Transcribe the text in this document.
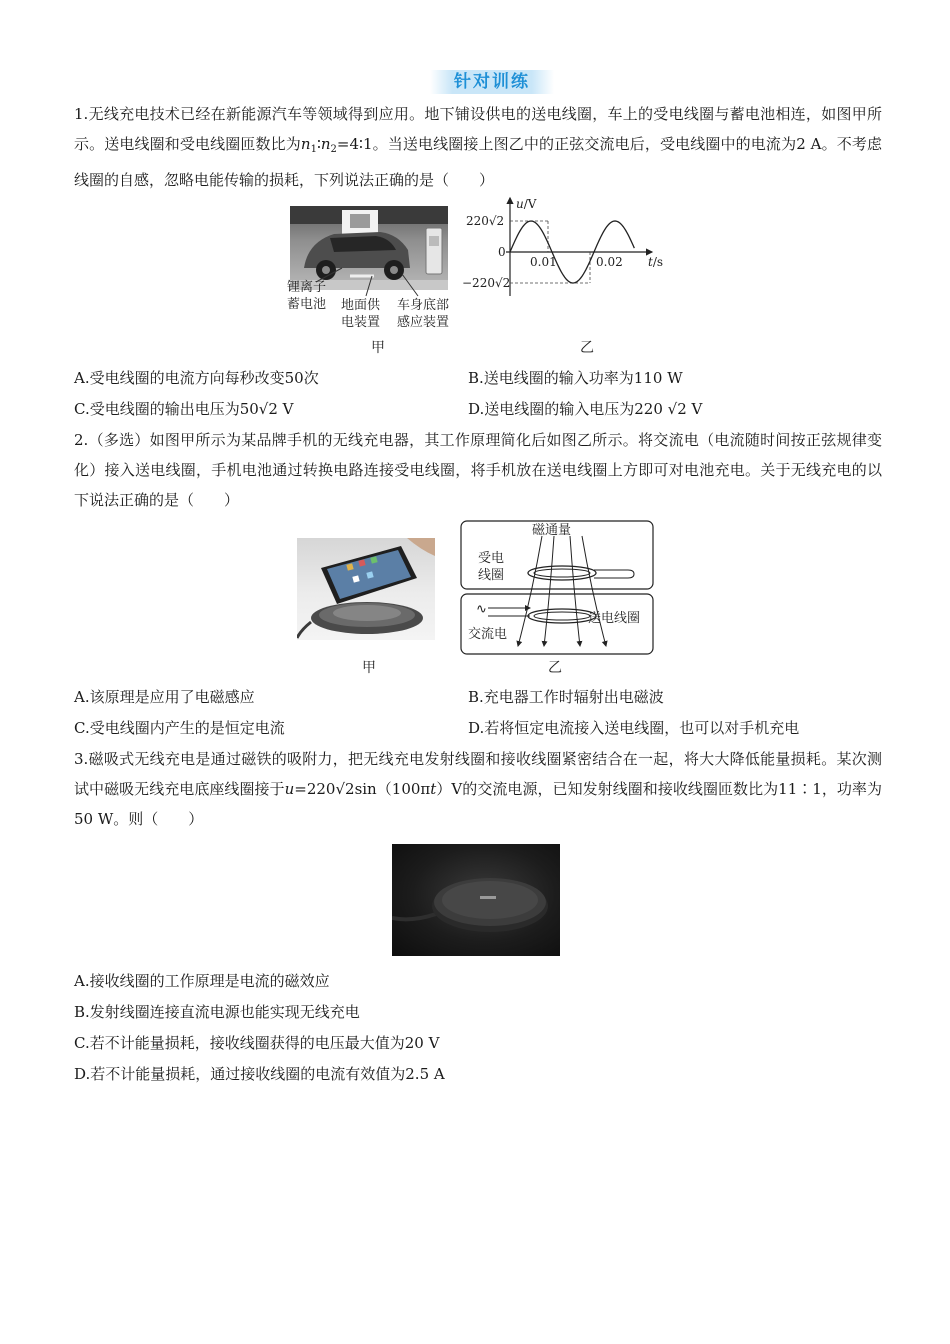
针对训练
1.无线充电技术已经在新能源汽车等领域得到应用。地下铺设供电的送电线圈，车上的受电线圈与蓄电池相连，如图甲所示。送电线圈和受电线圈匝数比为$n_1∶n_2=4∶1$。当送电线圈接上图乙中的正弦交流电后，受电线圈中的电流为2 A。不考虑线圈的自感，忽略电能传输的损耗，下列说法正确的是（　　）
锂离子
蓄电池 地面供
电装置
车身底部
感应装置
甲
u/V
220√2
0
−220√2
0.01	0.02 t/s
乙
A.受电线圈的电流方向每秒改变50次	B.送电线圈的输入功率为110 W
C.受电线圈的输出电压为50√2 V	D.送电线圈的输入电压为220 √2 V
2.（多选）如图甲所示为某品牌手机的无线充电器，其工作原理简化后如图乙所示。将交流电（电流随时间按正弦规律变化）接入送电线圈，手机电池通过转换电路连接受电线圈，将手机放在送电线圈上方即可对电池充电。关于无线充电的以下说法正确的是（　　）
甲
磁通量
受电
线圈
送电线圈
∿
交流电
乙
A.该原理是应用了电磁感应	B.充电器工作时辐射出电磁波
C.受电线圈内产生的是恒定电流	D.若将恒定电流接入送电线圈，也可以对手机充电
3.磁吸式无线充电是通过磁铁的吸附力，把无线充电发射线圈和接收线圈紧密结合在一起，将大大降低能量损耗。某次测试中磁吸无线充电底座线圈接于u=220√2sin（100πt）V的交流电源，已知发射线圈和接收线圈匝数比为11∶1，功率为50 W。则（　　）
A.接收线圈的工作原理是电流的磁效应
B.发射线圈连接直流电源也能实现无线充电
C.若不计能量损耗，接收线圈获得的电压最大值为20 V
D.若不计能量损耗，通过接收线圈的电流有效值为2.5 A
